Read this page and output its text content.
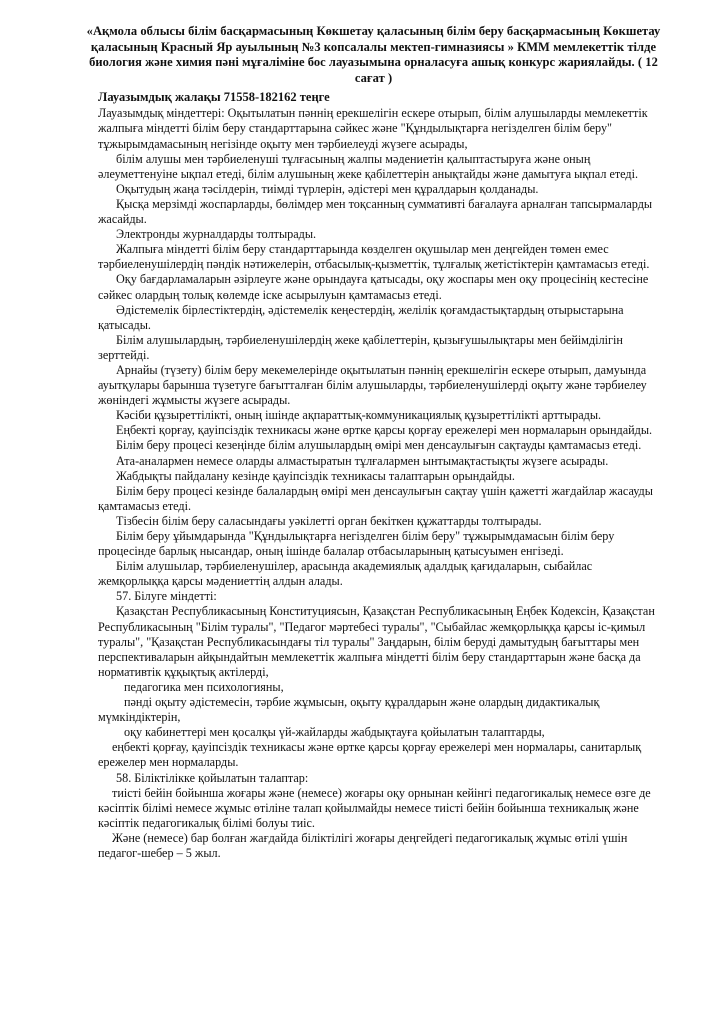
«Ақмола облысы білім басқармасының Көкшетау қаласының білім беру басқармасының Көкшетау қаласының Красный Яр ауылының №3 копсалалы мектеп-гимназиясы » КММ мемлекеттік тілде биология және химия пәні мұғаліміне бос лауазымына орналасуға ашық конкурс жариялайды. ( 12 сағат )
Лауазымдық жалақы 71558-182162 теңге

Лауазымдық міндеттері: Оқытылатын пәннің ерекшелігін ескере отырып, білім алушыларды мемлекеттік жалпыға міндетті білім беру стандарттарына сәйкес және "Құндылықтарға негізделген білім беру" тұжырымдамасының негізінде оқыту мен тәрбиелеуді жүзеге асырады,

білім алушы мен тәрбиеленуші тұлғасының жалпы мәдениетін қалыптастыруға және оның әлеуметтенуіне ықпал етеді, білім алушының жеке қабілеттерін анықтайды және дамытуға ықпал етеді.

Оқытудың жаңа тәсілдерін, тиімді түрлерін, әдістері мен құралдарын қолданады.

Қысқа мерзімді жоспарларды, бөлімдер мен тоқсанның суммативті бағалауға арналған тапсырмаларды жасайды.

Электронды журналдарды толтырады.

Жалпыға міндетті білім беру стандарттарында көзделген оқушылар мен деңгейден төмен емес тәрбиеленушілердің пәндік нәтижелерін, отбасылық-қызметтік, тұлғалық жетістіктерін қамтамасыз етеді.

Оқу бағдарламаларын әзірлеуге және орындауға қатысады, оқу жоспары мен оқу процесінің кестесіне сәйкес олардың толық көлемде іске асырылуын қамтамасыз етеді.

Әдістемелік бірлестіктердің, әдістемелік кеңестердің, желілік қоғамдастықтардың отырыстарына қатысады.

Білім алушылардың, тәрбиеленушілердің жеке қабілеттерін, қызығушылықтары мен бейімділігін зерттейді.

Арнайы (түзету) білім беру мекемелерінде оқытылатын пәннің ерекшелігін ескере отырып, дамуында ауытқулары барынша түзетуге бағытталған білім алушыларды, тәрбиеленушілерді оқыту және тәрбиелеу жөніндегі жұмысты жүзеге асырады.

Кәсіби құзыреттілікті, оның ішінде ақпараттық-коммуникациялық құзыреттілікті арттырады.

Еңбекті қорғау, қауіпсіздік техникасы және өртке қарсы қорғау ережелері мен нормаларын орындайды.

Білім беру процесі кезеңінде білім алушылардың өмірі мен денсаулығын сақтауды қамтамасыз етеді.

Ата-аналармен немесе оларды алмастыратын тұлғалармен ынтымақтастықты жүзеге асырады.

Жабдықты пайдалану кезінде қауіпсіздік техникасы талаптарын орындайды.

Білім беру процесі кезінде балалардың өмірі мен денсаулығын сақтау үшін қажетті жағдайлар жасауды қамтамасыз етеді.

Тізбесін білім беру саласындағы уәкілетті орган бекіткен құжаттарды толтырады.

Білім беру ұйымдарында "Құндылықтарға негізделген білім беру" тұжырымдамасын білім беру процесінде барлық нысандар, оның ішінде балалар отбасыларының қатысуымен енгізеді.

Білім алушылар, тәрбиеленушілер, арасында академиялық адалдық қағидаларын, сыбайлас жемқорлыққа қарсы мәдениеттің алдын алады.

57. Білуге міндетті:

Қазақстан Республикасының Конституциясын, Қазақстан Республикасының Еңбек Кодексін, Қазақстан Республикасының "Білім туралы", "Педагог мәртебесі туралы", "Сыбайлас жемқорлыққа қарсы іс-қимыл туралы", "Қазақстан Республикасындағы тіл туралы" Заңдарын, білім беруді дамытудың бағыттары мен перспективаларын айқындайтын мемлекеттік жалпыға міндетті білім беру стандарттарын және басқа да нормативтік құқықтық актілерді,

педагогика мен психологияны,

пәнді оқыту әдістемесін, тәрбие жұмысын, оқыту құралдарын және олардың дидактикалық мүмкіндіктерін,

оқу кабинеттері мен қосалқы үй-жайларды жабдықтауға қойылатын талаптарды,

еңбекті қорғау, қауіпсіздік техникасы және өртке қарсы қорғау ережелері мен нормалары, санитарлық ережелер мен нормаларды.

58. Біліктілікке қойылатын талаптар:

тиісті бейін бойынша жоғары және (немесе) жоғары оқу орнынан кейінгі педагогикалық немесе өзге де кәсіптік білімі немесе жұмыс өтіліне талап қойылмайды немесе тиісті бейін бойынша техникалық және кәсіптік педагогикалық білімі болуы тиіс.

Және (немесе) бар болған жағдайда біліктілігі жоғары деңгейдегі педагогикалық жұмыс өтілі үшін педагог-шебер – 5 жыл.
